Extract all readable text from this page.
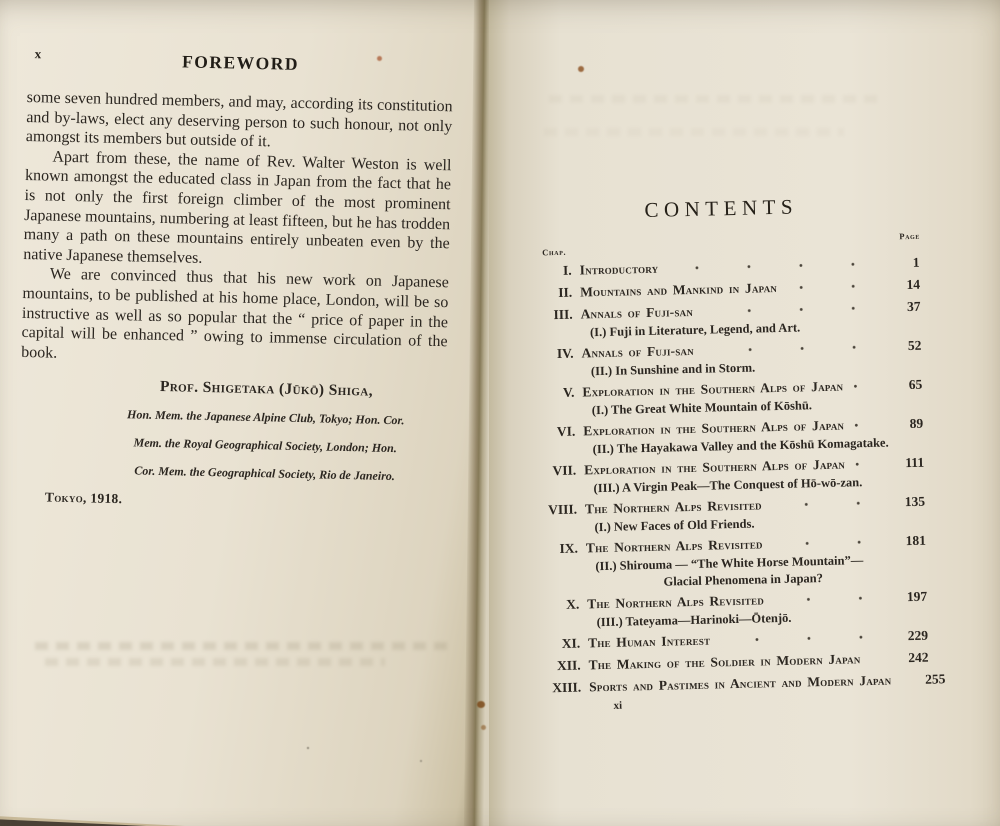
x	FOREWORD

some seven hundred members, and may, according its constitution and by-laws, elect any deserving person to such honour, not only amongst its members but outside of it.

Apart from these, the name of Rev. Walter Weston is well known amongst the educated class in Japan from the fact that he is not only the first foreign climber of the most prominent Japanese mountains, numbering at least fifteen, but he has trodden many a path on these mountains entirely unbeaten even by the native Japanese themselves.

We are convinced thus that his new work on Japanese mountains, to be published at his home place, London, will be so instructive as well as so popular that the “ price of paper in the capital will be enhanced ” owing to immense circulation of the book.

Prof. Shigetaka (Jūkō) Shiga,

Hon. Mem. the Japanese Alpine Club, Tokyo; Hon. Cor.

Mem. the Royal Geographical Society, London; Hon.

Cor. Mem. the Geographical Society, Rio de Janeiro.

Tokyo, 1918.
CONTENTS
Chap.
Page
I. Introductory	1
II. Mountains and Mankind in Japan	14
III. Annals of Fuji-san	37
(I.) Fuji in Literature, Legend, and Art.
IV. Annals of Fuji-san	52
(II.) In Sunshine and in Storm.
V. Exploration in the Southern Alps of Japan	65
(I.) The Great White Mountain of Kōshū.
VI. Exploration in the Southern Alps of Japan	89
(II.) The Hayakawa Valley and the Kōshū Komagatake.
VII. Exploration in the Southern Alps of Japan	111
(III.) A Virgin Peak—The Conquest of Hō-wō-zan.
VIII. The Northern Alps Revisited	135
(I.) New Faces of Old Friends.
IX. The Northern Alps Revisited	181
(II.) Shirouma — “The White Horse Mountain”—
Glacial Phenomena in Japan?
X. The Northern Alps Revisited	197
(III.) Tateyama—Harinoki—Ōtenjō.
XI. The Human Interest	229
XII. The Making of the Soldier in Modern Japan	242
XIII. Sports and Pastimes in Ancient and Modern Japan	255
xi
